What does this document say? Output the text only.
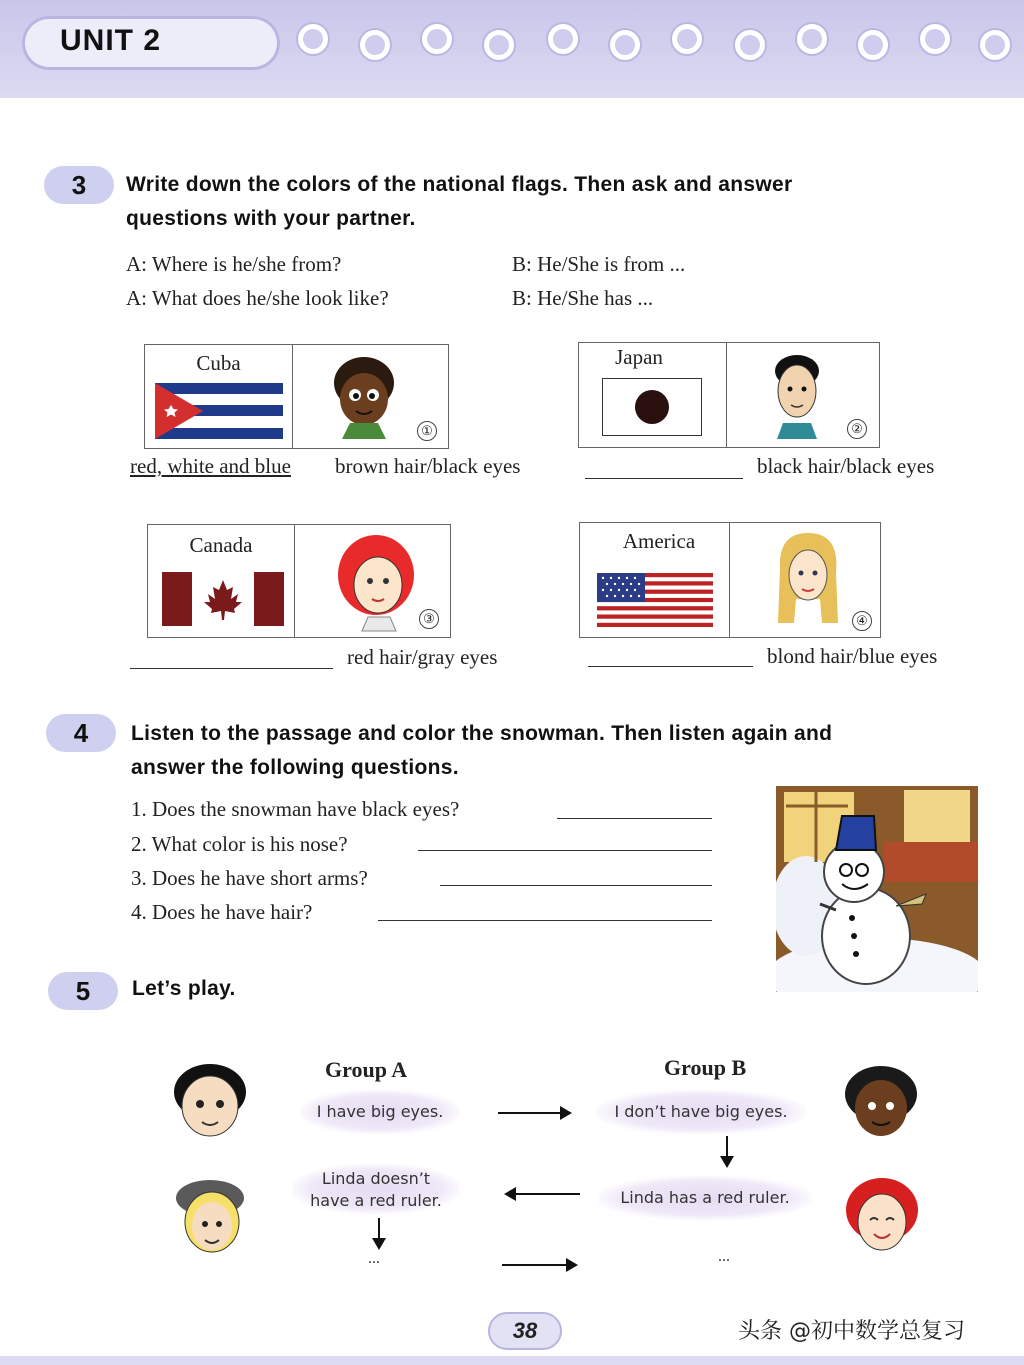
UNIT 2
3	Write down the colors of the national flags. Then ask and answer
questions with your partner.
A: Where is he/she from?	B: He/She is from ...
A: What does he/she look like?	B: He/She has ...
Cuba
①
red, white and blue brown hair/black eyes
Japan
②
black hair/black eyes
Canada
③
red hair/gray eyes
America
④
blond hair/blue eyes
4	Listen to the passage and color the snowman. Then listen again and
answer the following questions.
1. Does the snowman have black eyes?
2. What color is his nose?
3. Does he have short arms?
4. Does he have hair?
5	Let’s play.
Group A	Group B
I have big eyes.	I don’t have big eyes.
Linda doesn’t
have a red ruler.	Linda has a red ruler.
...	...
38	头条 @初中数学总复习
